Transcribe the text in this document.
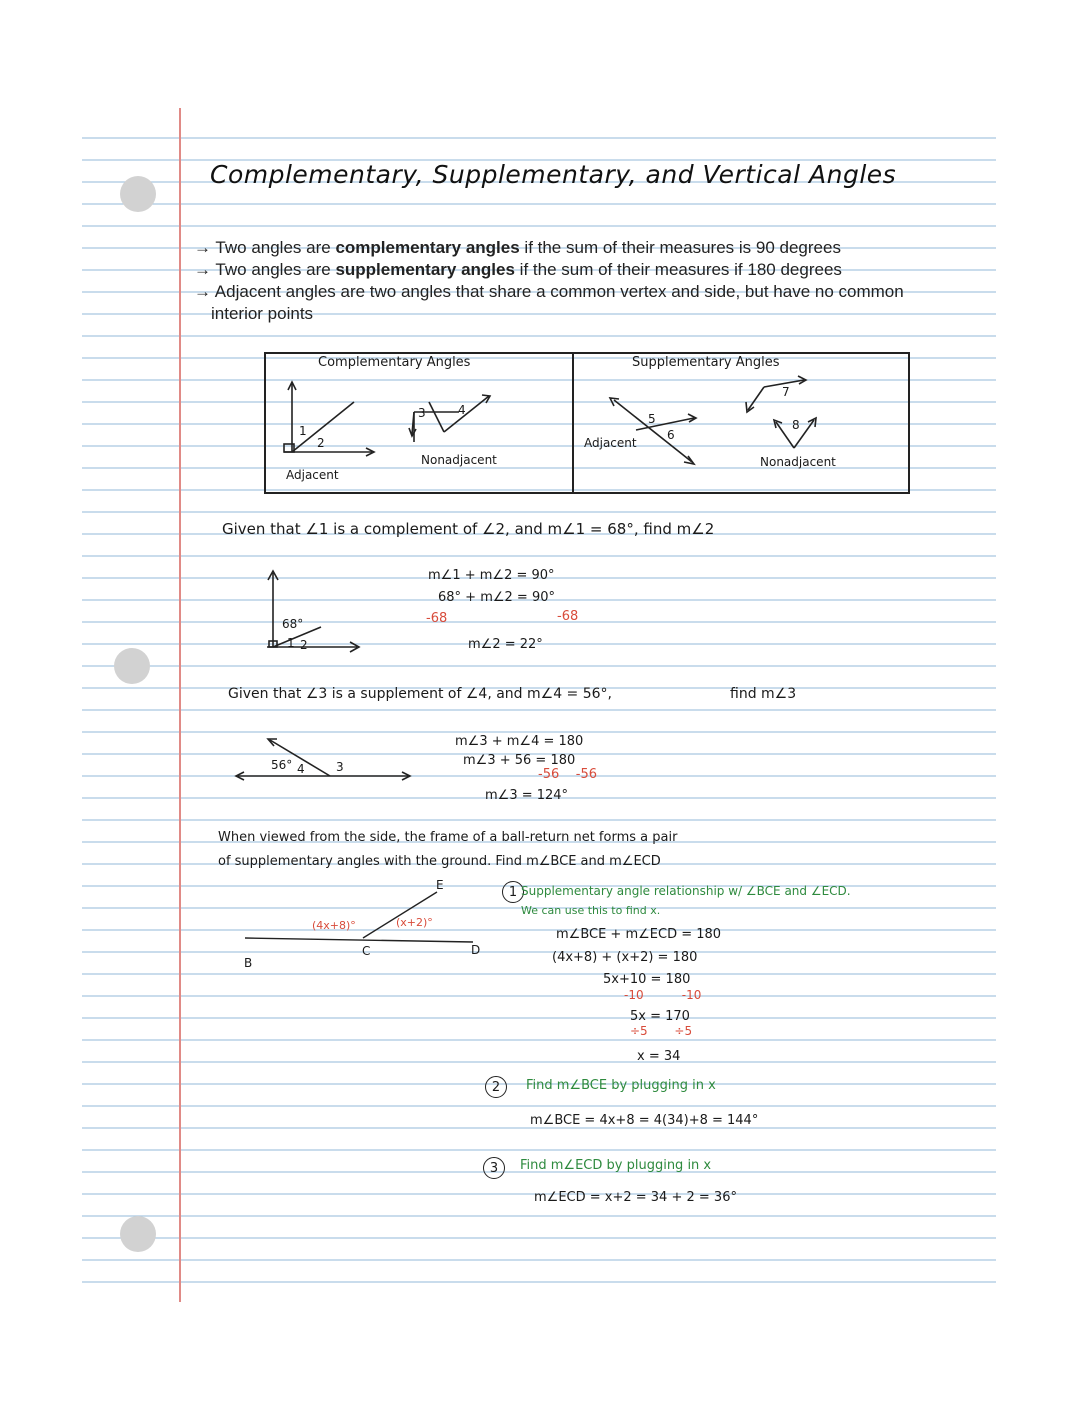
Complementary, Supplementary, and Vertical Angles
→ Two angles are complementary angles if the sum of their measures is 90 degrees
→ Two angles are supplementary angles if the sum of their measures if 180 degrees
→ Adjacent angles are two angles that share a common vertex and side, but have no common
interior points
Complementary Angles	Supplementary Angles
1
2
3	4
Adjacent
Nonadjacent
5
6
7
8
Adjacent
Nonadjacent
Given that ∠1 is a complement of ∠2, and m∠1 = 68°, find m∠2
68°
1 2
m∠1 + m∠2 = 90°
68° + m∠2 = 90°
-68	-68
m∠2 = 22°
Given that ∠3 is a supplement of ∠4, and m∠4 = 56°,	find m∠3
56° 4	3
m∠3 + m∠4 = 180
m∠3 + 56 = 180
-56    -56
m∠3 = 124°
When viewed from the side, the frame of a ball-return net forms a pair
of supplementary angles with the ground. Find m∠BCE and m∠ECD
B
C	D
E
(4x+8)°	(x+2)°
1 Supplementary angle relationship w/ ∠BCE and ∠ECD.
We can use this to find x.
m∠BCE + m∠ECD = 180
(4x+8) + (x+2) = 180
5x+10 = 180
-10          -10
5x = 170
÷5       ÷5
x = 34
2	Find m∠BCE by plugging in x
m∠BCE = 4x+8 = 4(34)+8 = 144°
3	Find m∠ECD by plugging in x
m∠ECD = x+2 = 34 + 2 = 36°
